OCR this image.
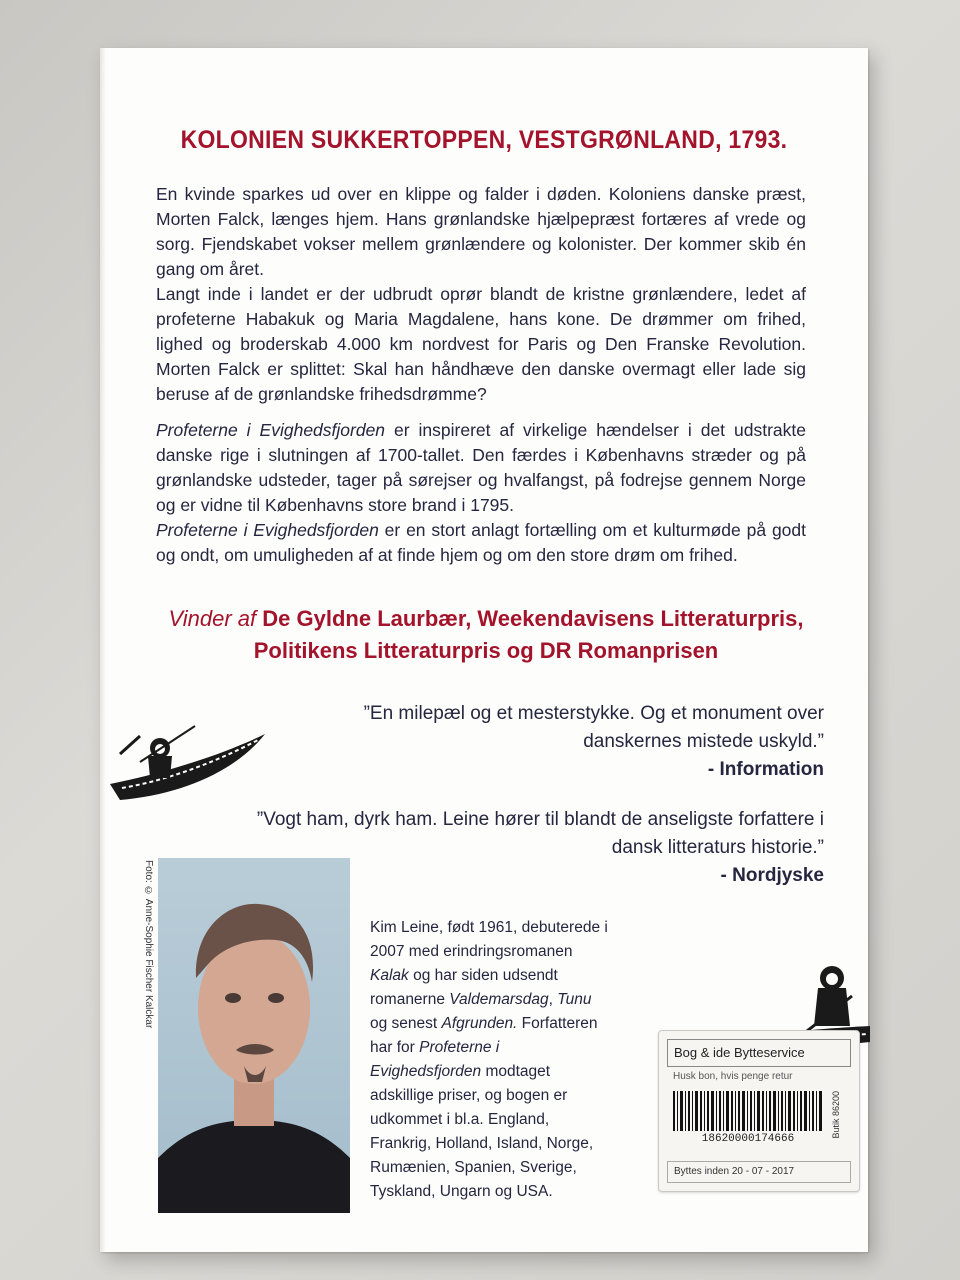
KOLONIEN SUKKERTOPPEN, VESTGRØNLAND, 1793.

En kvinde sparkes ud over en klippe og falder i døden. Koloniens danske præst, Morten Falck, længes hjem. Hans grønlandske hjælpepræst fortæres af vrede og sorg. Fjendskabet vokser mellem grønlændere og kolonister. Der kommer skib én gang om året.

Langt inde i landet er der udbrudt oprør blandt de kristne grønlændere, ledet af profeterne Habakuk og Maria Magdalene, hans kone. De drømmer om frihed, lighed og broderskab 4.000 km nordvest for Paris og Den Franske Revolution. Morten Falck er splittet: Skal han håndhæve den danske overmagt eller lade sig beruse af de grønlandske frihedsdrømme?

Profeterne i Evighedsfjorden er inspireret af virkelige hændelser i det udstrakte danske rige i slutningen af 1700-tallet. Den færdes i Københavns stræder og på grønlandske udsteder, tager på sørejser og hvalfangst, på fodrejse gennem Norge og er vidne til Københavns store brand i 1795.

Profeterne i Evighedsfjorden er en stort anlagt fortælling om et kulturmøde på godt og ondt, om umuligheden af at finde hjem og om den store drøm om frihed.

Vinder af De Gyldne Laurbær, Weekendavisens Litteraturpris,
Politikens Litteraturpris og DR Romanprisen
”En milepæl og et mesterstykke. Og et monument over danskernes mistede uskyld.”
- Information
”Vogt ham, dyrk ham. Leine hører til blandt de anseligste forfattere i dansk litteraturs historie.”
- Nordjyske
Foto: © Anne-Sophie Fischer Kalckar	Kim Leine, født 1961, debuterede i 2007 med erindringsromanen Kalak og har siden udsendt romanerne Valdemarsdag, Tunu og senest Afgrunden. Forfatteren har for Profeterne i Evighedsfjorden modtaget adskillige priser, og bogen er udkommet i bl.a. England, Frankrig, Holland, Island, Norge, Rumænien, Spanien, Sverige, Tyskland, Ungarn og USA.
Bog & ide Bytteservice
Husk bon, hvis penge retur
18620000174666
Butik 86200
Byttes inden 20 - 07 - 2017
